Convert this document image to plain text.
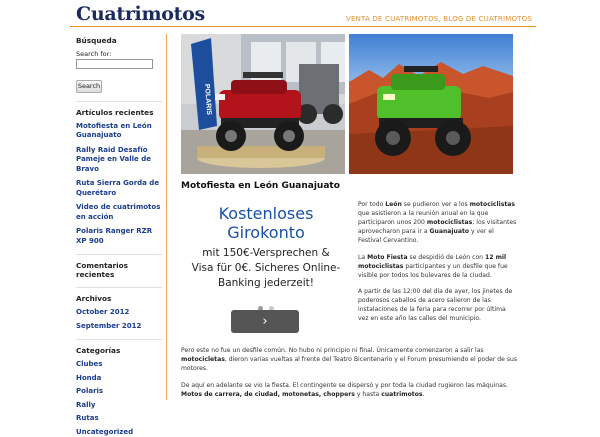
Cuatrimotos	VENTA DE CUATRIMOTOS, BLOG DE CUATRIMOTOS
Búsqueda
Search for:
Search
Artículos recientes
Motofiesta en León Guanajuato
Rally Raid Desafío Pameje en Valle de Bravo
Ruta Sierra Gorda de Querétaro
Video de cuatrimotos en acción
Polaris Ranger RZR XP 900
Comentarios recientes
Archivos
October 2012
September 2012
Categorías
Clubes
Honda
Polaris
Rally
Rutas
Uncategorized
POLARIS
Motofiesta en León Guanajuato
Kostenloses
Girokonto
mit 150€-Versprechen &
Visa für 0€. Sicheres Online-
Banking jederzeit!
›

Por todo León se pudieron ver a los motociclistas que asistieron a la reunión anual en la que participaron unos 200 motociclistas; los visitantes aprovecharon para ir a Guanajuato y ver el Festival Cervantino.

La Moto Fiesta se despidió de León con 12 mil motociclistas participantes y un desfile que fue visible por todos los bulevares de la ciudad.

A partir de las 12:00 del día de ayer, los jinetes de poderosos caballos de acero salieron de las instalaciones de la feria para recorrer por última vez en este año las calles del municipio.

Pero este no fue un desfile común. No hubo ni principio ni final. Únicamente comenzaron a salir las motocicletas, dieron varias vueltas al frente del Teatro Bicentenario y el Forum presumiendo el poder de sus motores.

De aquí en adelante se vio la fiesta. El contingente se dispersó y por toda la ciudad rugieron las máquinas. Motos de carrera, de ciudad, motonetas, choppers y hasta cuatrimotos.
